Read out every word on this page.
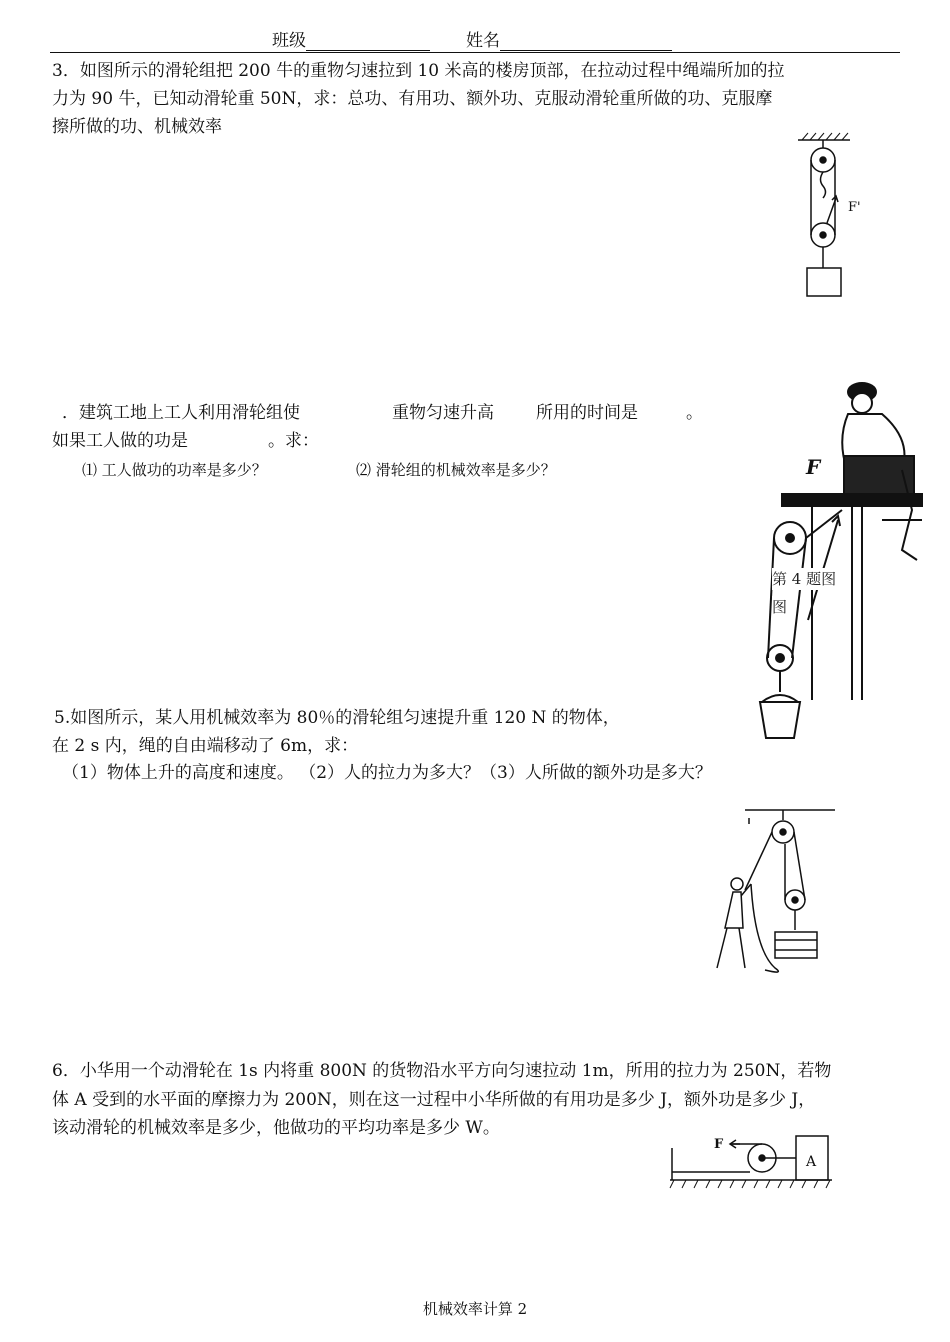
班级	姓名
3．如图所示的滑轮组把 200 牛的重物匀速拉到 10 米高的楼房顶部，在拉动过程中绳端所加的拉
力为 90 牛，已知动滑轮重 50N，求：总功、有用功、额外功、克服动滑轮重所做的功、克服摩
擦所做的功、机械效率
F'
．建筑工地上工人利用滑轮组使	重物匀速升高 所用的时间是	。
如果工人做的功是	。求：
⑴ 工人做功的功率是多少？	⑵ 滑轮组的机械效率是多少？	F
第 4 题图
图
5.如图所示，某人用机械效率为 80％的滑轮组匀速提升重 120 N 的物体，
在 2 s 内，绳的自由端移动了 6m，求：
（1）物体上升的高度和速度。 （2）人的拉力为多大？（3）人所做的额外功是多大？
6．小华用一个动滑轮在 1s 内将重 800N 的货物沿水平方向匀速拉动 1m，所用的拉力为 250N，若物
体 A 受到的水平面的摩擦力为 200N，则在这一过程中小华所做的有用功是多少 J，额外功是多少 J，
该动滑轮的机械效率是多少，他做功的平均功率是多少 W。
F
A
机械效率计算 2
